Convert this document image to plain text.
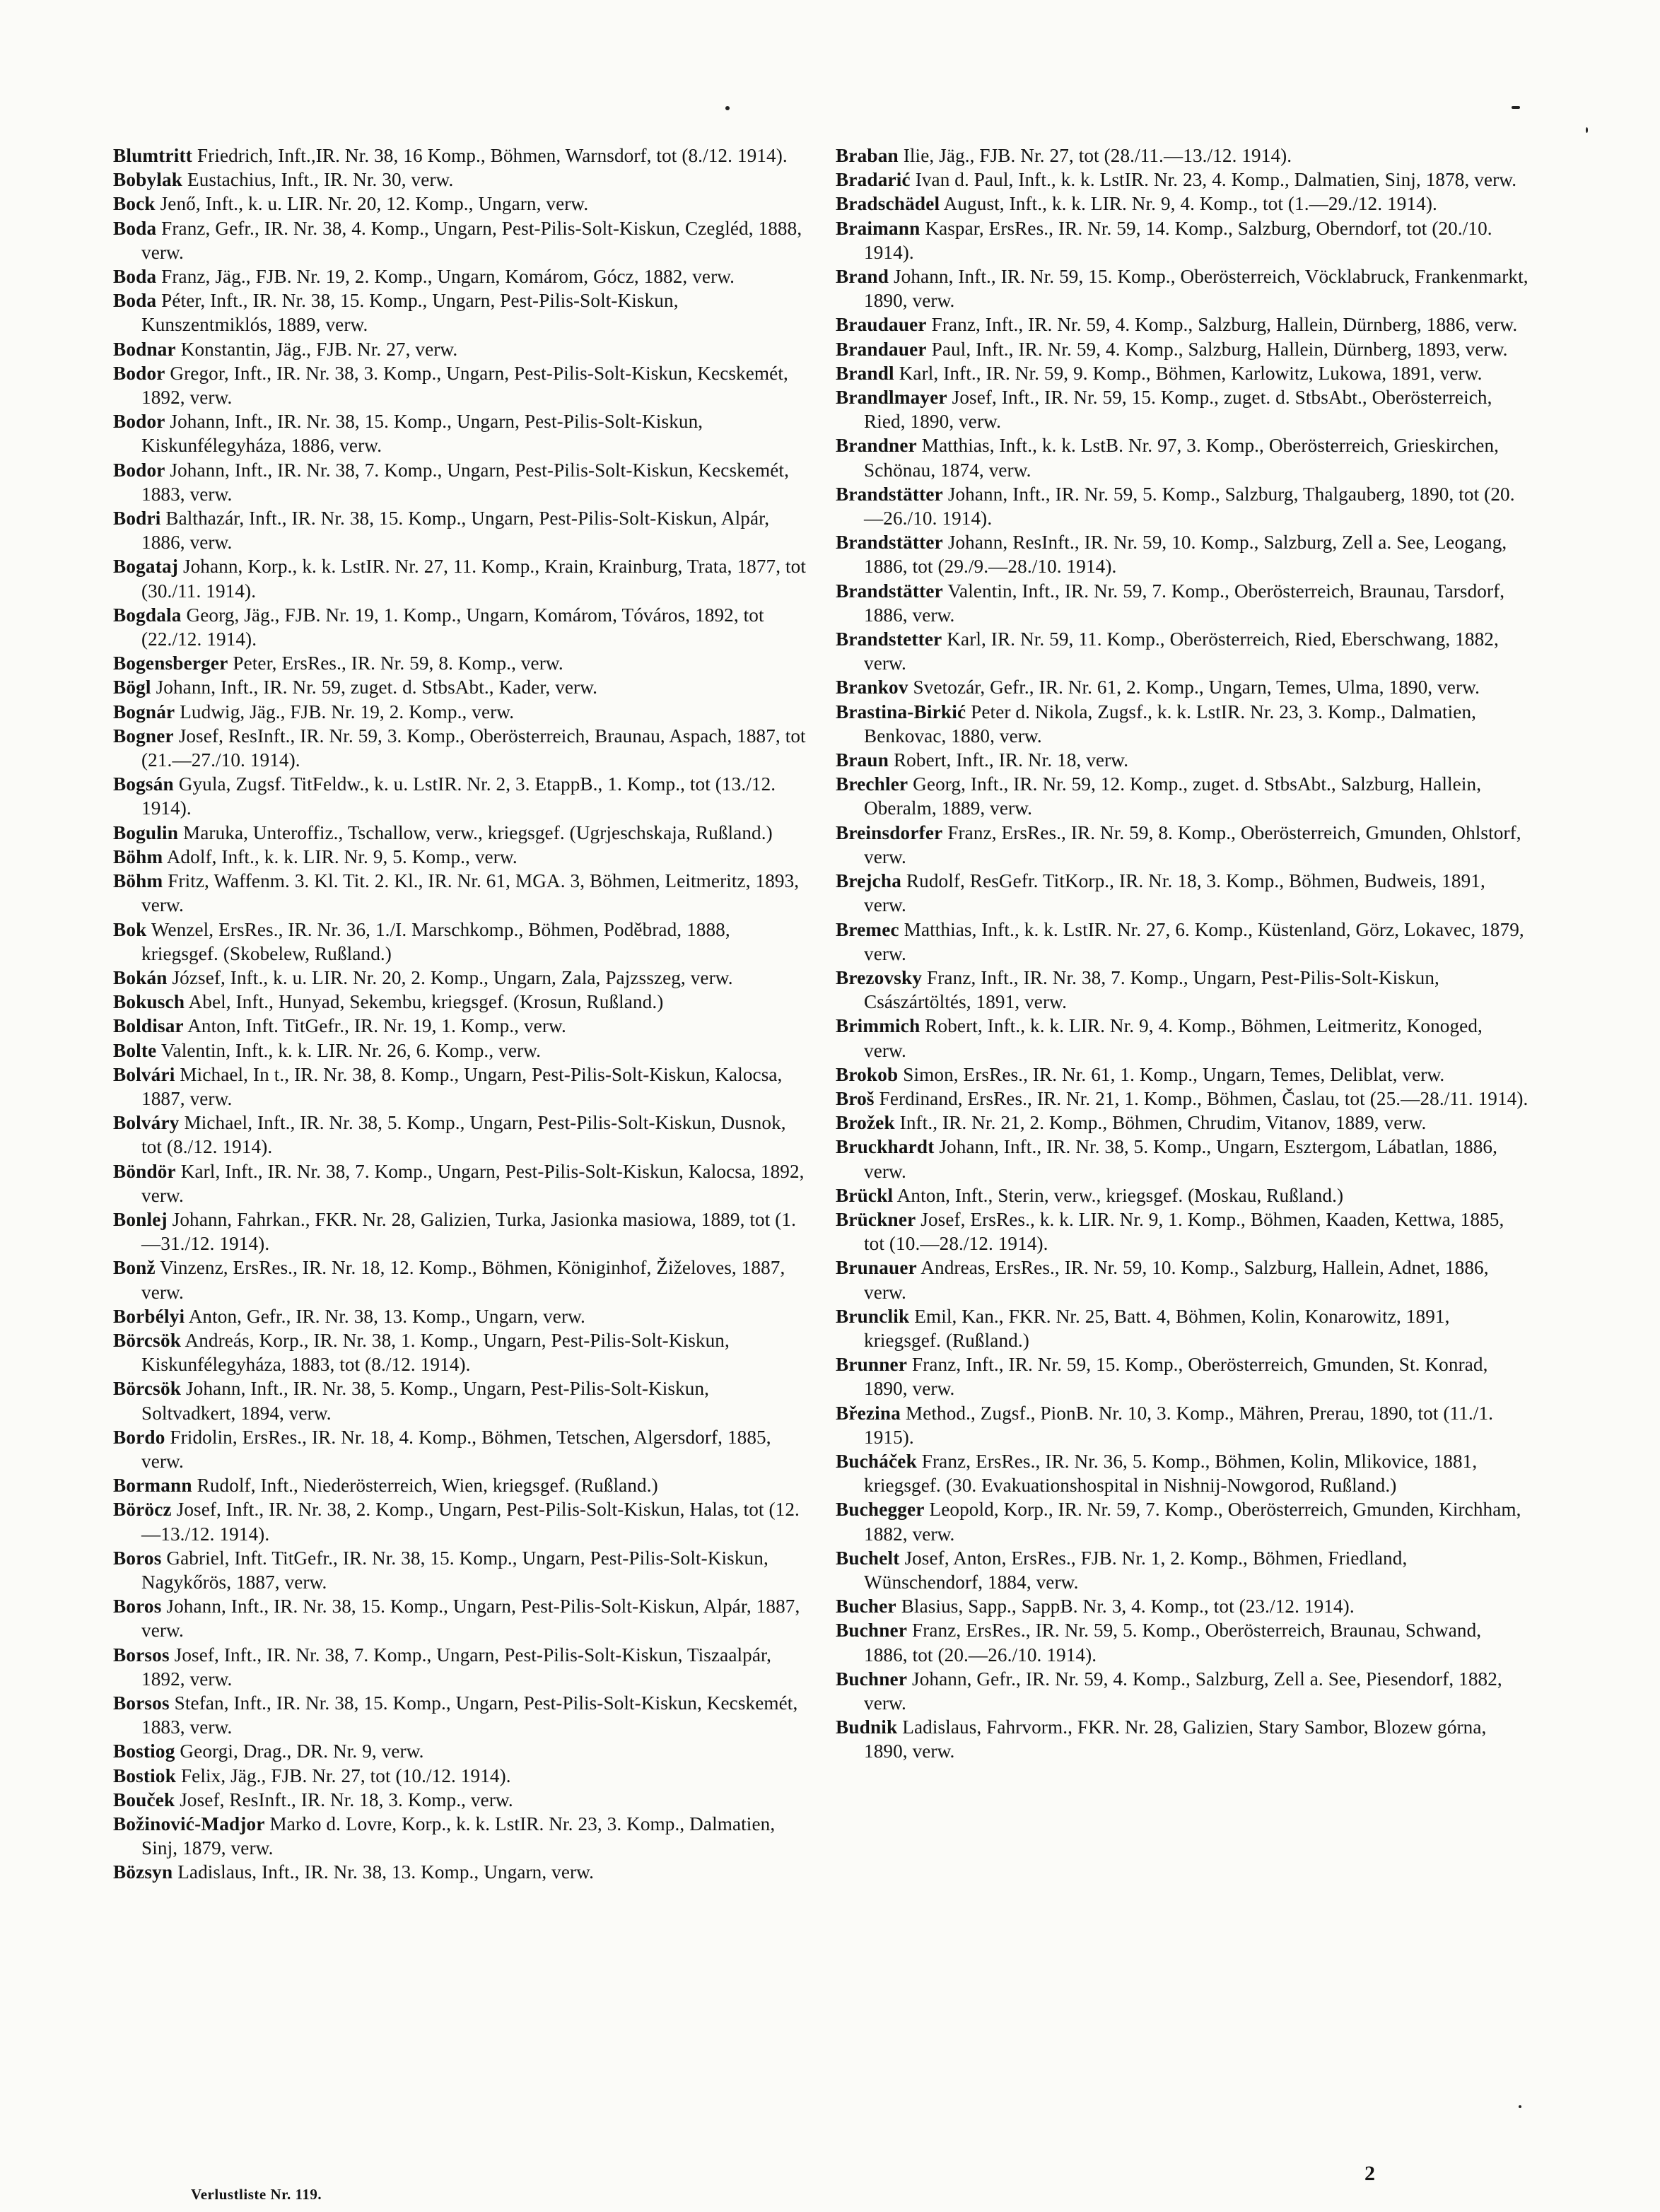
Blumtritt Friedrich, Inft.,IR. Nr. 38, 16 Komp., Böhmen, Warnsdorf, tot (8./12. 1914).

Bobylak Eustachius, Inft., IR. Nr. 30, verw.

Bock Jenő, Inft., k. u. LIR. Nr. 20, 12. Komp., Ungarn, verw.

Boda Franz, Gefr., IR. Nr. 38, 4. Komp., Ungarn, Pest-Pilis-Solt-Kiskun, Czegléd, 1888, verw.

Boda Franz, Jäg., FJB. Nr. 19, 2. Komp., Ungarn, Komárom, Gócz, 1882, verw.

Boda Péter, Inft., IR. Nr. 38, 15. Komp., Ungarn, Pest-Pilis-Solt-Kiskun, Kunszentmiklós, 1889, verw.

Bodnar Konstantin, Jäg., FJB. Nr. 27, verw.

Bodor Gregor, Inft., IR. Nr. 38, 3. Komp., Ungarn, Pest-Pilis-Solt-Kiskun, Kecskemét, 1892, verw.

Bodor Johann, Inft., IR. Nr. 38, 15. Komp., Ungarn, Pest-Pilis-Solt-Kiskun, Kiskunfélegyháza, 1886, verw.

Bodor Johann, Inft., IR. Nr. 38, 7. Komp., Ungarn, Pest-Pilis-Solt-Kiskun, Kecskemét, 1883, verw.

Bodri Balthazár, Inft., IR. Nr. 38, 15. Komp., Ungarn, Pest-Pilis-Solt-Kiskun, Alpár, 1886, verw.

Bogataj Johann, Korp., k. k. LstIR. Nr. 27, 11. Komp., Krain, Krainburg, Trata, 1877, tot (30./11. 1914).

Bogdala Georg, Jäg., FJB. Nr. 19, 1. Komp., Ungarn, Komárom, Tóváros, 1892, tot (22./12. 1914).

Bogensberger Peter, ErsRes., IR. Nr. 59, 8. Komp., verw.

Bögl Johann, Inft., IR. Nr. 59, zuget. d. StbsAbt., Kader, verw.

Bognár Ludwig, Jäg., FJB. Nr. 19, 2. Komp., verw.

Bogner Josef, ResInft., IR. Nr. 59, 3. Komp., Oberösterreich, Braunau, Aspach, 1887, tot (21.—27./10. 1914).

Bogsán Gyula, Zugsf. TitFeldw., k. u. LstIR. Nr. 2, 3. EtappB., 1. Komp., tot (13./12. 1914).

Bogulin Maruka, Unteroffiz., Tschallow, verw., kriegsgef. (Ugrjeschskaja, Rußland.)

Böhm Adolf, Inft., k. k. LIR. Nr. 9, 5. Komp., verw.

Böhm Fritz, Waffenm. 3. Kl. Tit. 2. Kl., IR. Nr. 61, MGA. 3, Böhmen, Leitmeritz, 1893, verw.

Bok Wenzel, ErsRes., IR. Nr. 36, 1./I. Marschkomp., Böhmen, Poděbrad, 1888, kriegsgef. (Skobelew, Rußland.)

Bokán József, Inft., k. u. LIR. Nr. 20, 2. Komp., Ungarn, Zala, Pajzsszeg, verw.

Bokusch Abel, Inft., Hunyad, Sekembu, kriegsgef. (Krosun, Rußland.)

Boldisar Anton, Inft. TitGefr., IR. Nr. 19, 1. Komp., verw.

Bolte Valentin, Inft., k. k. LIR. Nr. 26, 6. Komp., verw.

Bolvári Michael, In t., IR. Nr. 38, 8. Komp., Ungarn, Pest-Pilis-Solt-Kiskun, Kalocsa, 1887, verw.

Bolváry Michael, Inft., IR. Nr. 38, 5. Komp., Ungarn, Pest-Pilis-Solt-Kiskun, Dusnok, tot (8./12. 1914).

Böndör Karl, Inft., IR. Nr. 38, 7. Komp., Ungarn, Pest-Pilis-Solt-Kiskun, Kalocsa, 1892, verw.

Bonlej Johann, Fahrkan., FKR. Nr. 28, Galizien, Turka, Jasionka masiowa, 1889, tot (1.—31./12. 1914).

Bonž Vinzenz, ErsRes., IR. Nr. 18, 12. Komp., Böhmen, Königinhof, Žiželoves, 1887, verw.

Borbélyi Anton, Gefr., IR. Nr. 38, 13. Komp., Ungarn, verw.

Börcsök Andreás, Korp., IR. Nr. 38, 1. Komp., Ungarn, Pest-Pilis-Solt-Kiskun, Kiskunfélegyháza, 1883, tot (8./12. 1914).

Börcsök Johann, Inft., IR. Nr. 38, 5. Komp., Ungarn, Pest-Pilis-Solt-Kiskun, Soltvadkert, 1894, verw.

Bordo Fridolin, ErsRes., IR. Nr. 18, 4. Komp., Böhmen, Tetschen, Algersdorf, 1885, verw.

Bormann Rudolf, Inft., Niederösterreich, Wien, kriegsgef. (Rußland.)

Böröcz Josef, Inft., IR. Nr. 38, 2. Komp., Ungarn, Pest-Pilis-Solt-Kiskun, Halas, tot (12.—13./12. 1914).

Boros Gabriel, Inft. TitGefr., IR. Nr. 38, 15. Komp., Ungarn, Pest-Pilis-Solt-Kiskun, Nagykőrös, 1887, verw.

Boros Johann, Inft., IR. Nr. 38, 15. Komp., Ungarn, Pest-Pilis-Solt-Kiskun, Alpár, 1887, verw.

Borsos Josef, Inft., IR. Nr. 38, 7. Komp., Ungarn, Pest-Pilis-Solt-Kiskun, Tiszaalpár, 1892, verw.

Borsos Stefan, Inft., IR. Nr. 38, 15. Komp., Ungarn, Pest-Pilis-Solt-Kiskun, Kecskemét, 1883, verw.

Bostiog Georgi, Drag., DR. Nr. 9, verw.

Bostiok Felix, Jäg., FJB. Nr. 27, tot (10./12. 1914).

Bouček Josef, ResInft., IR. Nr. 18, 3. Komp., verw.

Božinović-Madjor Marko d. Lovre, Korp., k. k. LstIR. Nr. 23, 3. Komp., Dalmatien, Sinj, 1879, verw.

Bözsyn Ladislaus, Inft., IR. Nr. 38, 13. Komp., Ungarn, verw.

Braban Ilie, Jäg., FJB. Nr. 27, tot (28./11.—13./12. 1914).

Bradarić Ivan d. Paul, Inft., k. k. LstIR. Nr. 23, 4. Komp., Dalmatien, Sinj, 1878, verw.

Bradschädel August, Inft., k. k. LIR. Nr. 9, 4. Komp., tot (1.—29./12. 1914).

Braimann Kaspar, ErsRes., IR. Nr. 59, 14. Komp., Salzburg, Oberndorf, tot (20./10. 1914).

Brand Johann, Inft., IR. Nr. 59, 15. Komp., Oberösterreich, Vöcklabruck, Frankenmarkt, 1890, verw.

Braudauer Franz, Inft., IR. Nr. 59, 4. Komp., Salzburg, Hallein, Dürnberg, 1886, verw.

Brandauer Paul, Inft., IR. Nr. 59, 4. Komp., Salzburg, Hallein, Dürnberg, 1893, verw.

Brandl Karl, Inft., IR. Nr. 59, 9. Komp., Böhmen, Karlowitz, Lukowa, 1891, verw.

Brandlmayer Josef, Inft., IR. Nr. 59, 15. Komp., zuget. d. StbsAbt., Oberösterreich, Ried, 1890, verw.

Brandner Matthias, Inft., k. k. LstB. Nr. 97, 3. Komp., Oberösterreich, Grieskirchen, Schönau, 1874, verw.

Brandstätter Johann, Inft., IR. Nr. 59, 5. Komp., Salzburg, Thalgauberg, 1890, tot (20.—26./10. 1914).

Brandstätter Johann, ResInft., IR. Nr. 59, 10. Komp., Salzburg, Zell a. See, Leogang, 1886, tot (29./9.—28./10. 1914).

Brandstätter Valentin, Inft., IR. Nr. 59, 7. Komp., Oberösterreich, Braunau, Tarsdorf, 1886, verw.

Brandstetter Karl, IR. Nr. 59, 11. Komp., Oberösterreich, Ried, Eberschwang, 1882, verw.

Brankov Svetozár, Gefr., IR. Nr. 61, 2. Komp., Ungarn, Temes, Ulma, 1890, verw.

Brastina-Birkić Peter d. Nikola, Zugsf., k. k. LstIR. Nr. 23, 3. Komp., Dalmatien, Benkovac, 1880, verw.

Braun Robert, Inft., IR. Nr. 18, verw.

Brechler Georg, Inft., IR. Nr. 59, 12. Komp., zuget. d. StbsAbt., Salzburg, Hallein, Oberalm, 1889, verw.

Breinsdorfer Franz, ErsRes., IR. Nr. 59, 8. Komp., Oberösterreich, Gmunden, Ohlstorf, verw.

Brejcha Rudolf, ResGefr. TitKorp., IR. Nr. 18, 3. Komp., Böhmen, Budweis, 1891, verw.

Bremec Matthias, Inft., k. k. LstIR. Nr. 27, 6. Komp., Küstenland, Görz, Lokavec, 1879, verw.

Brezovsky Franz, Inft., IR. Nr. 38, 7. Komp., Ungarn, Pest-Pilis-Solt-Kiskun, Császártöltés, 1891, verw.

Brimmich Robert, Inft., k. k. LIR. Nr. 9, 4. Komp., Böhmen, Leitmeritz, Konoged, verw.

Brokob Simon, ErsRes., IR. Nr. 61, 1. Komp., Ungarn, Temes, Deliblat, verw.

Broš Ferdinand, ErsRes., IR. Nr. 21, 1. Komp., Böhmen, Časlau, tot (25.—28./11. 1914).

Brožek Inft., IR. Nr. 21, 2. Komp., Böhmen, Chrudim, Vitanov, 1889, verw.

Bruckhardt Johann, Inft., IR. Nr. 38, 5. Komp., Ungarn, Esztergom, Lábatlan, 1886, verw.

Brückl Anton, Inft., Sterin, verw., kriegsgef. (Moskau, Rußland.)

Brückner Josef, ErsRes., k. k. LIR. Nr. 9, 1. Komp., Böhmen, Kaaden, Kettwa, 1885, tot (10.—28./12. 1914).

Brunauer Andreas, ErsRes., IR. Nr. 59, 10. Komp., Salzburg, Hallein, Adnet, 1886, verw.

Brunclik Emil, Kan., FKR. Nr. 25, Batt. 4, Böhmen, Kolin, Konarowitz, 1891, kriegsgef. (Rußland.)

Brunner Franz, Inft., IR. Nr. 59, 15. Komp., Oberösterreich, Gmunden, St. Konrad, 1890, verw.

Březina Method., Zugsf., PionB. Nr. 10, 3. Komp., Mähren, Prerau, 1890, tot (11./1. 1915).

Bucháček Franz, ErsRes., IR. Nr. 36, 5. Komp., Böhmen, Kolin, Mlikovice, 1881, kriegsgef. (30. Evakuationshospital in Nishnij-Nowgorod, Rußland.)

Buchegger Leopold, Korp., IR. Nr. 59, 7. Komp., Oberösterreich, Gmunden, Kirchham, 1882, verw.

Buchelt Josef, Anton, ErsRes., FJB. Nr. 1, 2. Komp., Böhmen, Friedland, Wünschendorf, 1884, verw.

Bucher Blasius, Sapp., SappB. Nr. 3, 4. Komp., tot (23./12. 1914).

Buchner Franz, ErsRes., IR. Nr. 59, 5. Komp., Oberösterreich, Braunau, Schwand, 1886, tot (20.—26./10. 1914).

Buchner Johann, Gefr., IR. Nr. 59, 4. Komp., Salzburg, Zell a. See, Piesendorf, 1882, verw.

Budnik Ladislaus, Fahrvorm., FKR. Nr. 28, Galizien, Stary Sambor, Blozew górna, 1890, verw.

Verlustliste Nr. 119.
2
